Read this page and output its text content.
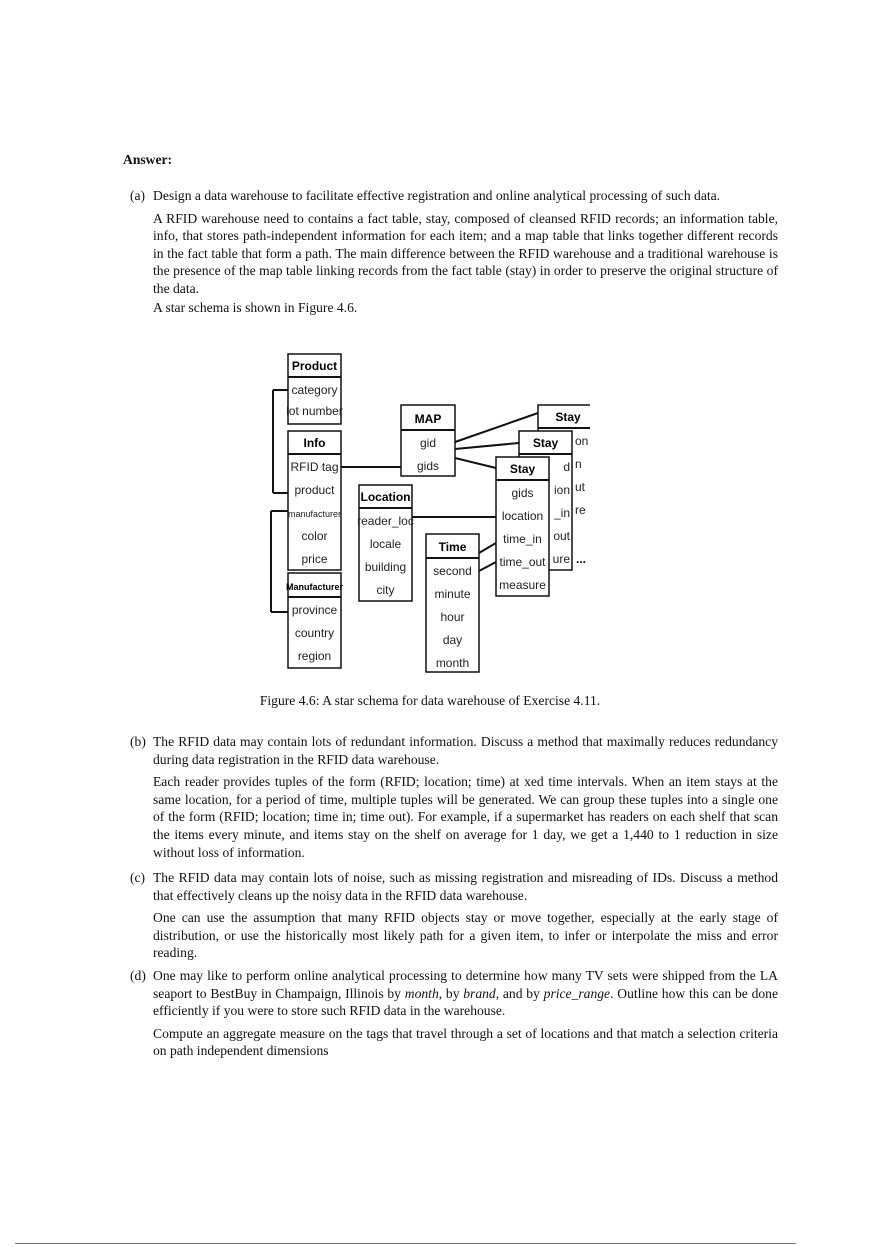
Answer:
(a) Design a data warehouse to facilitate effective registration and online analytical processing of such data.
A RFID warehouse need to contains a fact table, stay, composed of cleansed RFID records; an information table, info, that stores path-independent information for each item; and a map table that links together different records in the fact table that form a path. The main difference between the RFID warehouse and a traditional warehouse is the presence of the map table linking records from the fact table (stay) in order to preserve the original structure of the data.
A star schema is shown in Figure 4.6.
Product
category
lot number
Info
RFID tag
product
manufacturer
color
price
Manufacturer
province
country
region
MAP
gid
gids
Location
reader_loc
locale
building
city
Time
second
minute
hour
day
month
Stay
on
n
ut
re
Stay
d
ion
_in
out
ure
Stay
gids
location
time_in
time_out
measure
...
Figure 4.6: A star schema for data warehouse of Exercise 4.11.
(b) The RFID data may contain lots of redundant information. Discuss a method that maximally reduces redundancy during data registration in the RFID data warehouse.
Each reader provides tuples of the form (RFID; location; time) at xed time intervals. When an item stays at the same location, for a period of time, multiple tuples will be generated. We can group these tuples into a single one of the form (RFID; location; time in; time out). For example, if a supermarket has readers on each shelf that scan the items every minute, and items stay on the shelf on average for 1 day, we get a 1,440 to 1 reduction in size without loss of information.
(c) The RFID data may contain lots of noise, such as missing registration and misreading of IDs. Discuss a method that effectively cleans up the noisy data in the RFID data warehouse.
One can use the assumption that many RFID objects stay or move together, especially at the early stage of distribution, or use the historically most likely path for a given item, to infer or interpolate the miss and error reading.
(d) One may like to perform online analytical processing to determine how many TV sets were shipped from the LA seaport to BestBuy in Champaign, Illinois by month, by brand, and by price_range. Outline how this can be done efficiently if you were to store such RFID data in the warehouse.
Compute an aggregate measure on the tags that travel through a set of locations and that match a selection criteria on path independent dimensions
